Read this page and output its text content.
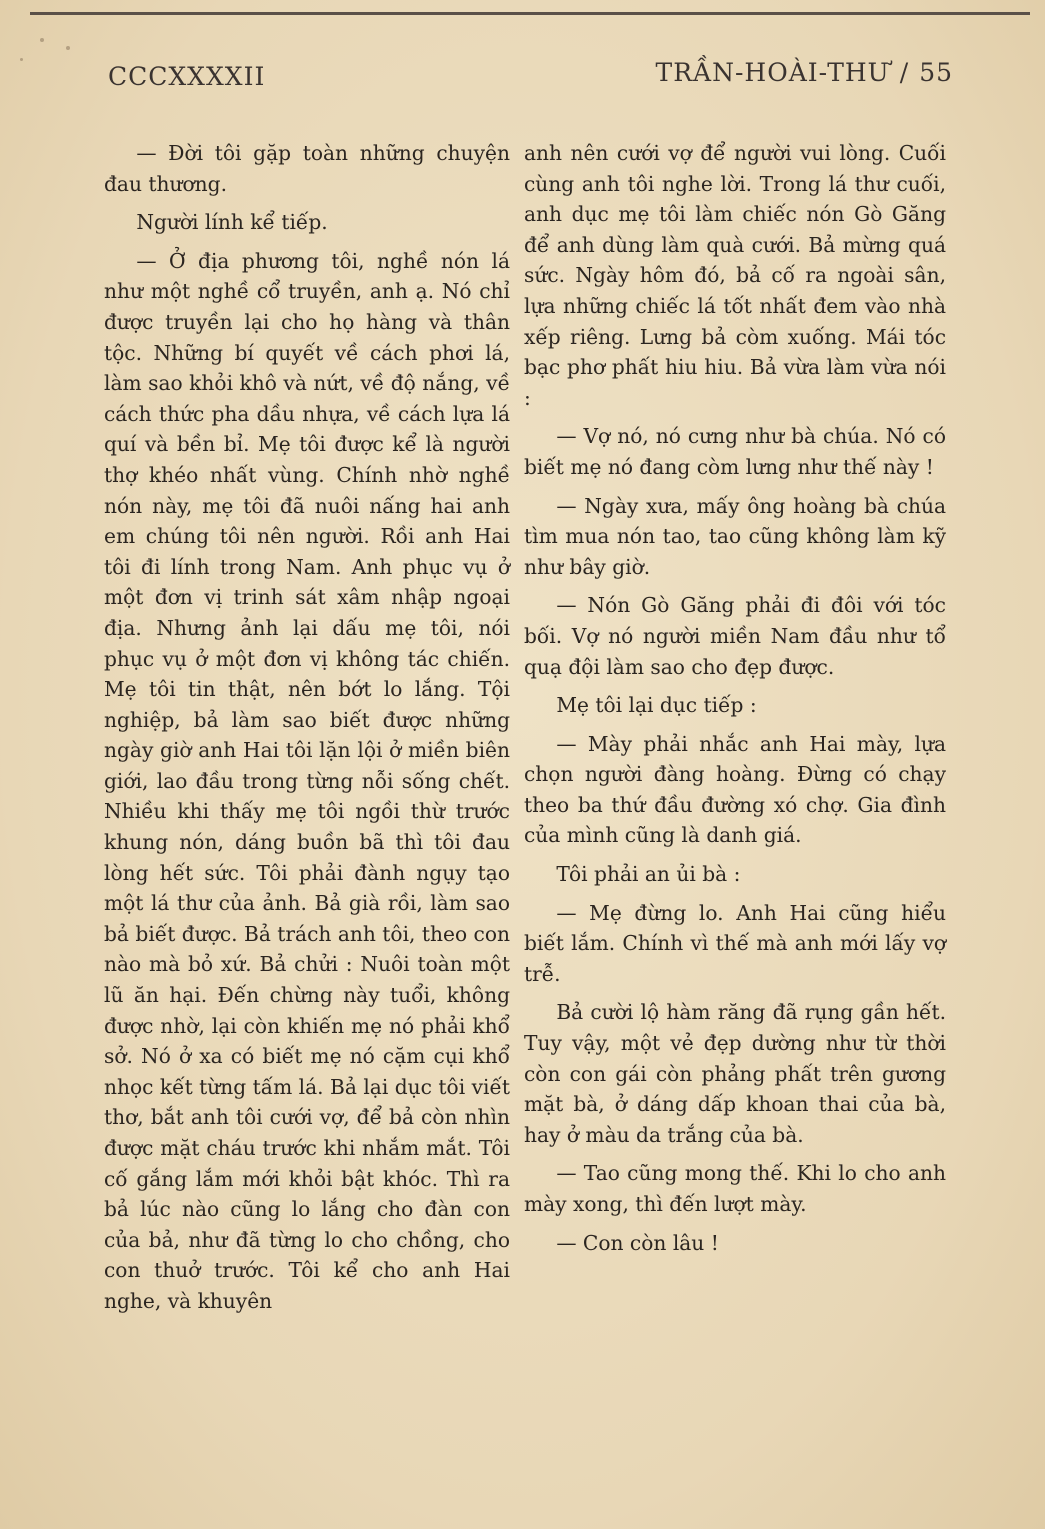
CCCXXXXII	TRẦN-HOÀI-THƯ / 55

— Đời tôi gặp toàn những chuyện đau thương.

Người lính kể tiếp.

— Ở địa phương tôi, nghề nón lá như một nghề cổ truyền, anh ạ. Nó chỉ được truyền lại cho họ hàng và thân tộc. Những bí quyết về cách phơi lá, làm sao khỏi khô và nứt, về độ nắng, về cách thức pha dầu nhựa, về cách lựa lá quí và bền bỉ. Mẹ tôi được kể là người thợ khéo nhất vùng. Chính nhờ nghề nón này, mẹ tôi đã nuôi nấng hai anh em chúng tôi nên người. Rồi anh Hai tôi đi lính trong Nam. Anh phục vụ ở một đơn vị trinh sát xâm nhập ngoại địa. Nhưng ảnh lại dấu mẹ tôi, nói phục vụ ở một đơn vị không tác chiến. Mẹ tôi tin thật, nên bớt lo lắng. Tội nghiệp, bả làm sao biết được những ngày giờ anh Hai tôi lặn lội ở miền biên giới, lao đầu trong từng nỗi sống chết. Nhiều khi thấy mẹ tôi ngồi thừ trước khung nón, dáng buồn bã thì tôi đau lòng hết sức. Tôi phải đành ngụy tạo một lá thư của ảnh. Bả già rồi, làm sao bả biết được. Bả trách anh tôi, theo con nào mà bỏ xứ. Bả chửi : Nuôi toàn một lũ ăn hại. Đến chừng này tuổi, không được nhờ, lại còn khiến mẹ nó phải khổ sở. Nó ở xa có biết mẹ nó cặm cụi khổ nhọc kết từng tấm lá. Bả lại dục tôi viết thơ, bắt anh tôi cưới vợ, để bả còn nhìn được mặt cháu trước khi nhắm mắt. Tôi cố gắng lắm mới khỏi bật khóc. Thì ra bả lúc nào cũng lo lắng cho đàn con của bả, như đã từng lo cho chồng, cho con thuở trước. Tôi kể cho anh Hai nghe, và khuyên

anh nên cưới vợ để người vui lòng. Cuối cùng anh tôi nghe lời. Trong lá thư cuối, anh dục mẹ tôi làm chiếc nón Gò Găng để anh dùng làm quà cưới. Bả mừng quá sức. Ngày hôm đó, bả cố ra ngoài sân, lựa những chiếc lá tốt nhất đem vào nhà xếp riêng. Lưng bả còm xuống. Mái tóc bạc phơ phất hiu hiu. Bả vừa làm vừa nói :

— Vợ nó, nó cưng như bà chúa. Nó có biết mẹ nó đang còm lưng như thế này !

— Ngày xưa, mấy ông hoàng bà chúa tìm mua nón tao, tao cũng không làm kỹ như bây giờ.

— Nón Gò Găng phải đi đôi với tóc bối. Vợ nó người miền Nam đầu như tổ quạ đội làm sao cho đẹp được.

Mẹ tôi lại dục tiếp :

— Mày phải nhắc anh Hai mày, lựa chọn người đàng hoàng. Đừng có chạy theo ba thứ đầu đường xó chợ. Gia đình của mình cũng là danh giá.

Tôi phải an ủi bà :

— Mẹ đừng lo. Anh Hai cũng hiểu biết lắm. Chính vì thế mà anh mới lấy vợ trễ.

Bả cười lộ hàm răng đã rụng gần hết. Tuy vậy, một vẻ đẹp dường như từ thời còn con gái còn phảng phất trên gương mặt bà, ở dáng dấp khoan thai của bà, hay ở màu da trắng của bà.

— Tao cũng mong thế. Khi lo cho anh mày xong, thì đến lượt mày.

— Con còn lâu !
